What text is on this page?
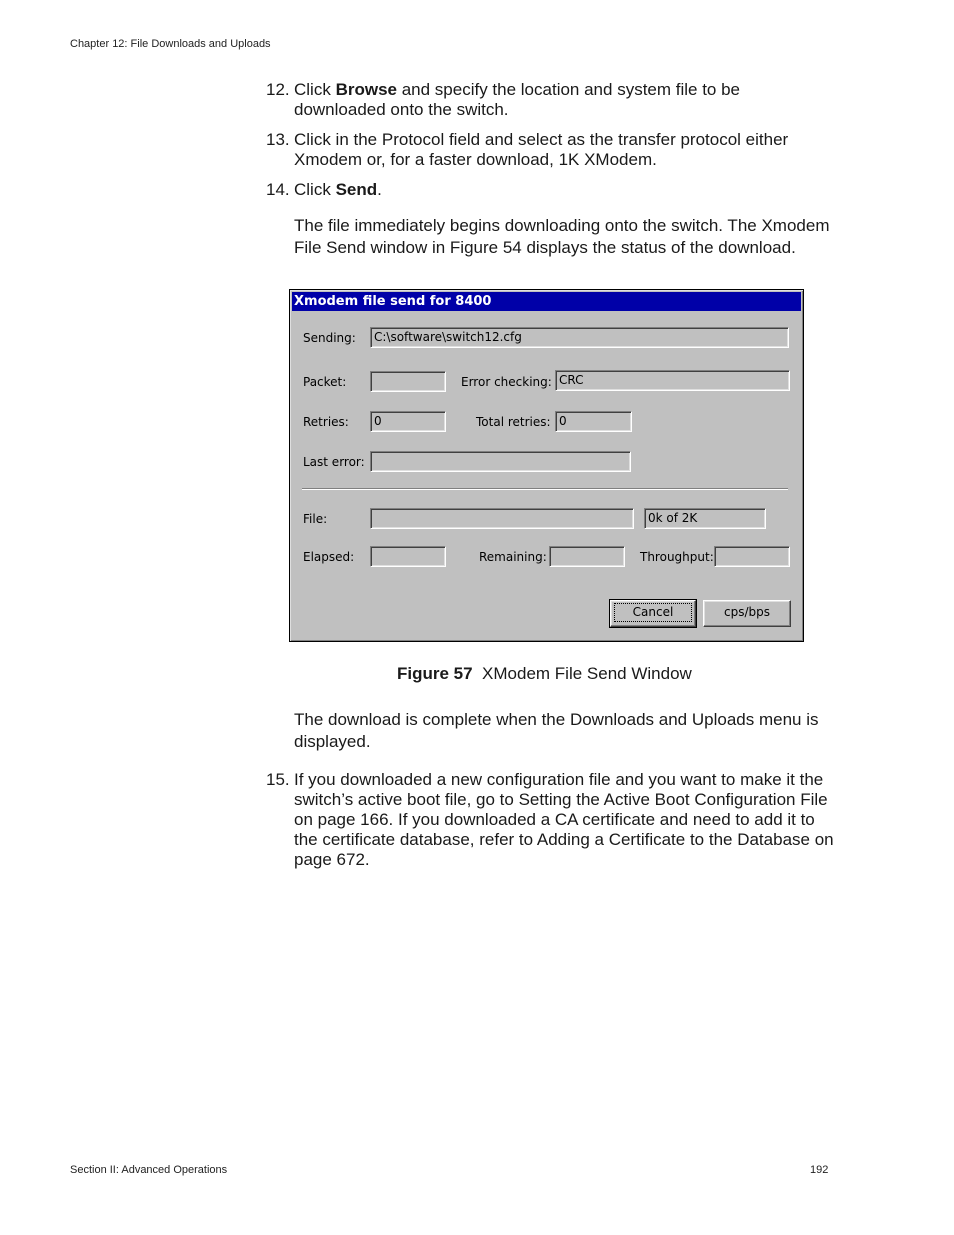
Chapter 12: File Downloads and Uploads
12. Click Browse and specify the location and system file to be downloaded onto the switch.
13. Click in the Protocol field and select as the transfer protocol either Xmodem or, for a faster download, 1K XModem.
14. Click Send.
The file immediately begins downloading onto the switch. The Xmodem File Send window in Figure 54 displays the status of the download.
Xmodem file send for 8400
Sending:	C:\software\switch12.cfg
Packet:	Error checking: CRC
Retries:	0	Total retries: 0
Last error:
File:	0k of 2K
Elapsed:	Remaining:	Throughput:
Cancel	cps/bps
Figure 57 XModem File Send Window
The download is complete when the Downloads and Uploads menu is displayed.
15. If you downloaded a new configuration file and you want to make it the switch’s active boot file, go to Setting the Active Boot Configuration File on page 166. If you downloaded a CA certificate and need to add it to the certificate database, refer to Adding a Certificate to the Database on page 672.
Section II: Advanced Operations	192
